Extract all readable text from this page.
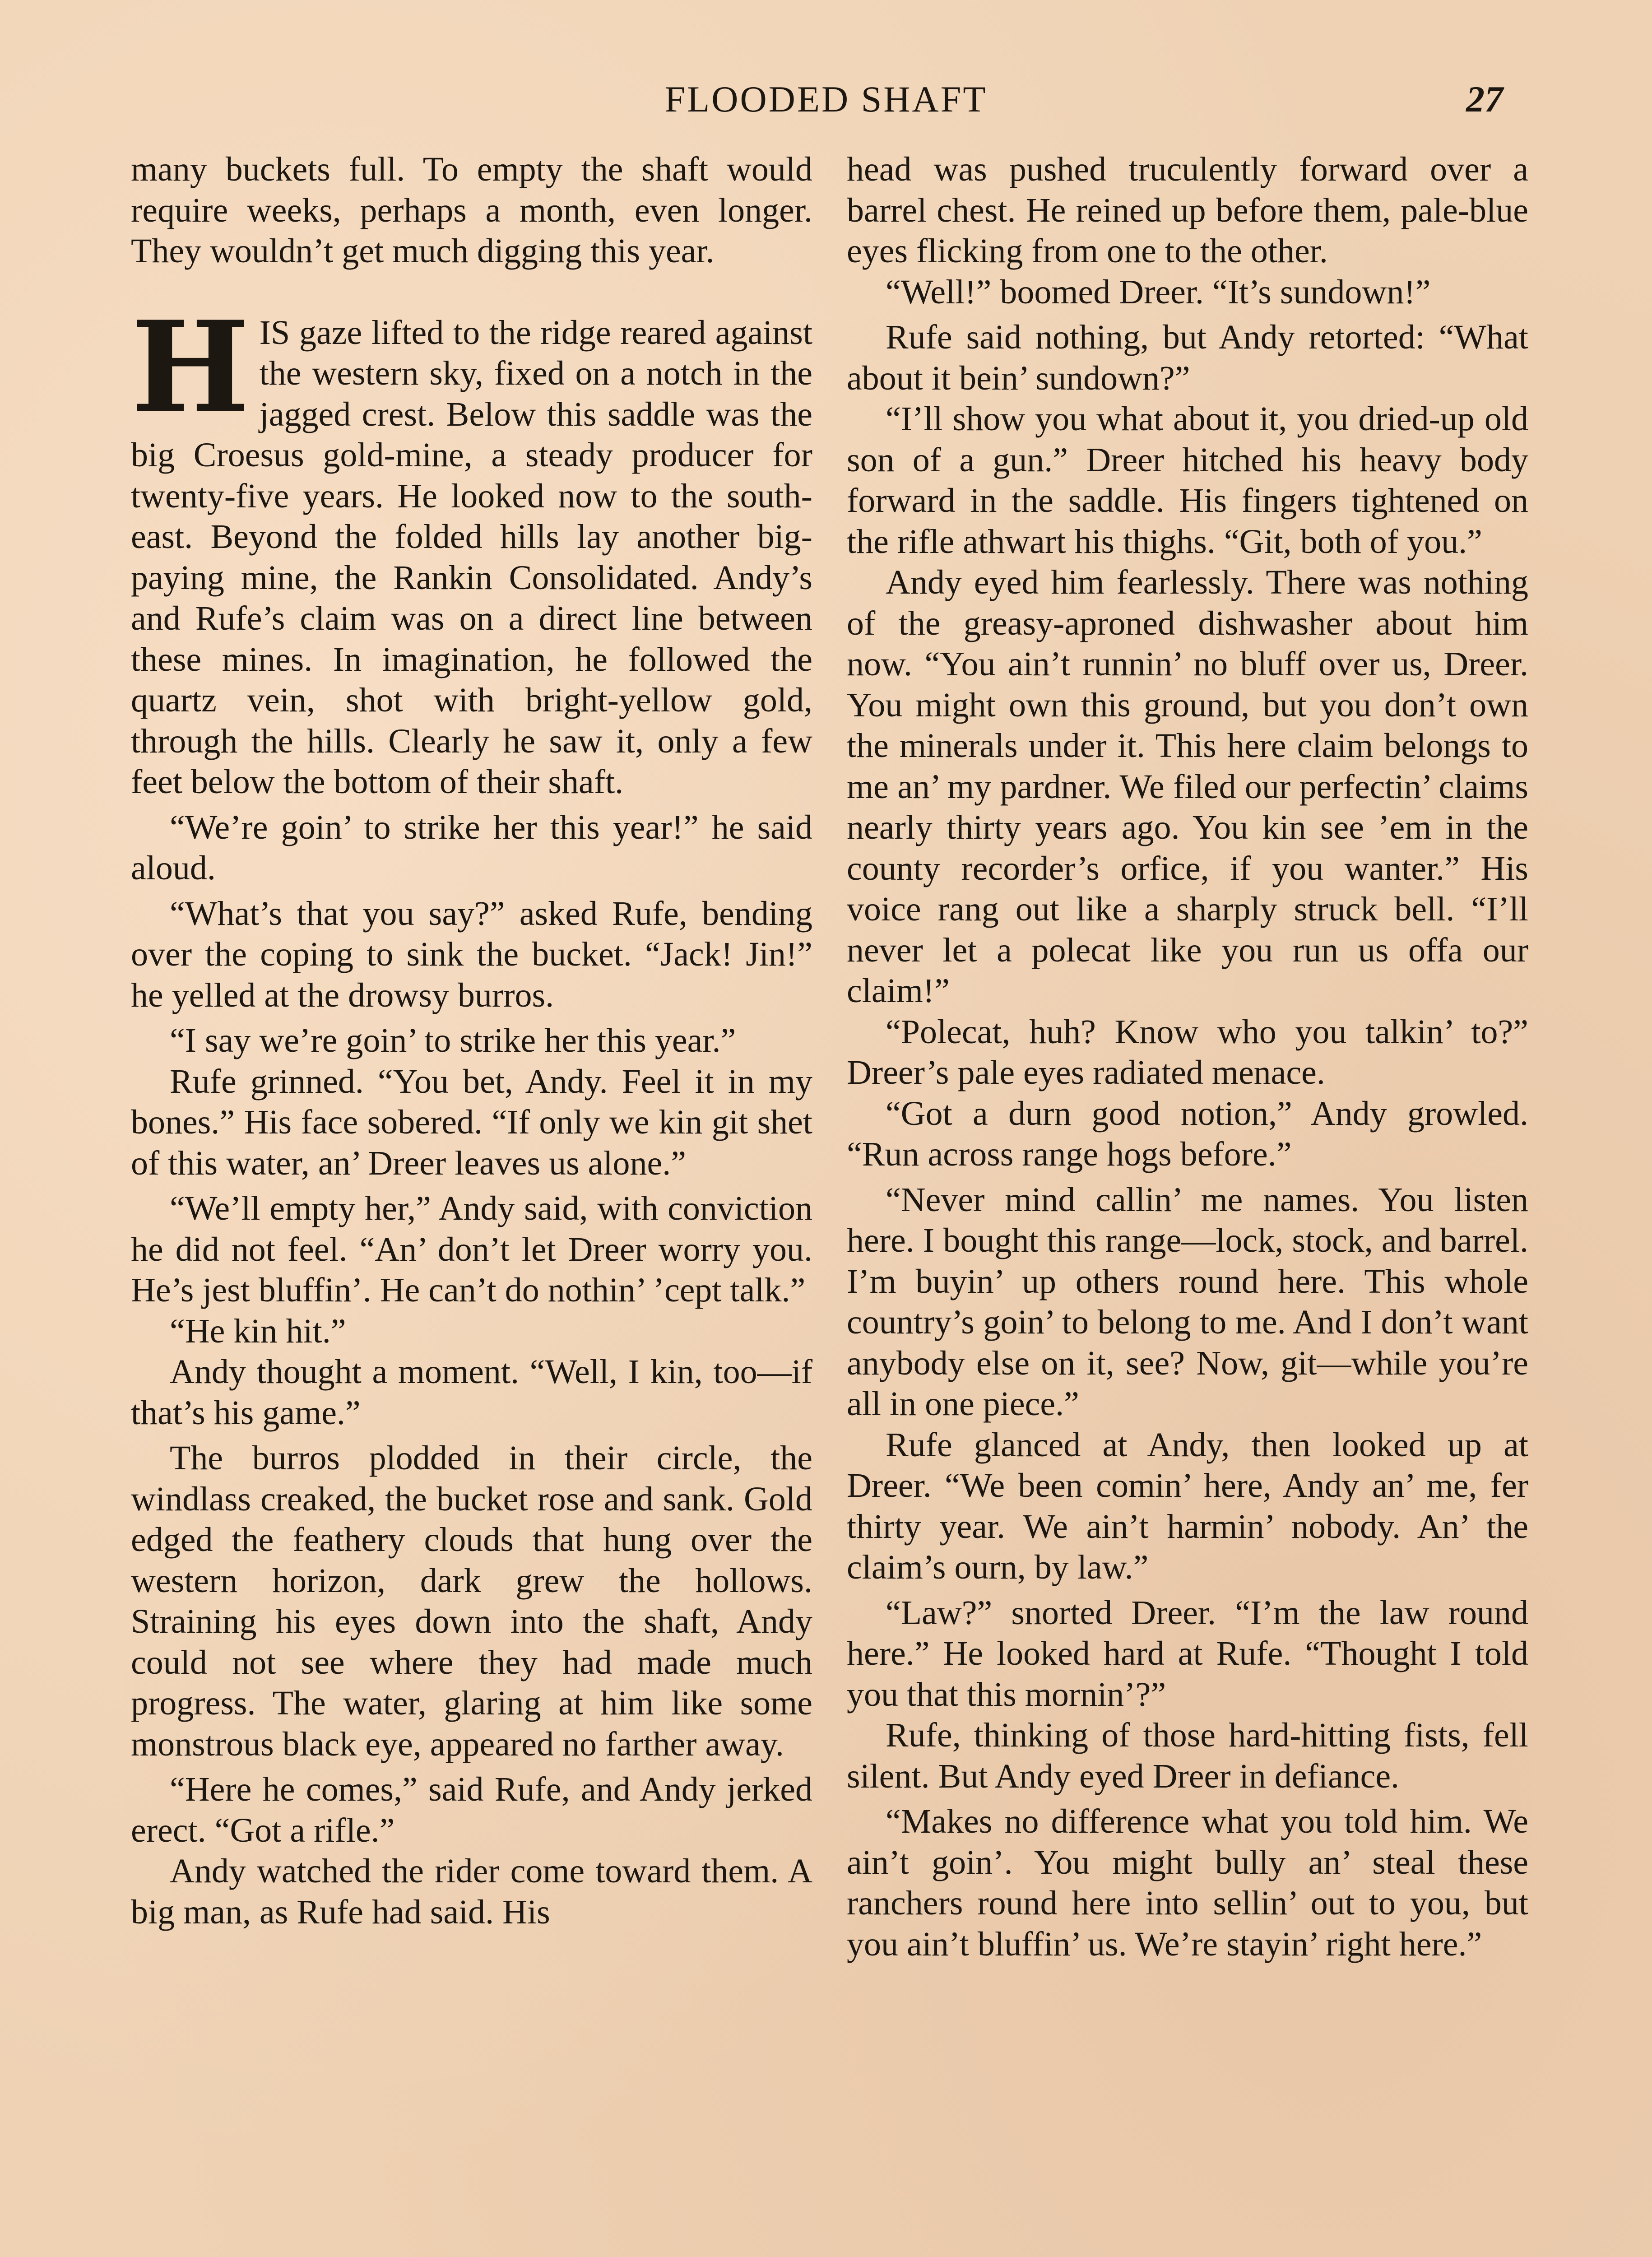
FLOODED SHAFT	27

many buckets full. To empty the shaft would require weeks, perhaps a month, even longer. They wouldn’t get much digging this year.

HIS gaze lifted to the ridge reared against the western sky, fixed on a notch in the jagged crest. Below this saddle was the big Croesus gold-mine, a steady producer for twenty-five years. He looked now to the south-east. Beyond the folded hills lay another big-paying mine, the Rankin Consolidated. Andy’s and Rufe’s claim was on a direct line between these mines. In imagination, he followed the quartz vein, shot with bright-yellow gold, through the hills. Clearly he saw it, only a few feet below the bottom of their shaft.

“We’re goin’ to strike her this year!” he said aloud.

“What’s that you say?” asked Rufe, bending over the coping to sink the bucket. “Jack! Jin!” he yelled at the drowsy burros.

“I say we’re goin’ to strike her this year.”

Rufe grinned. “You bet, Andy. Feel it in my bones.” His face sobered. “If only we kin git shet of this water, an’ Dreer leaves us alone.”

“We’ll empty her,” Andy said, with conviction he did not feel. “An’ don’t let Dreer worry you. He’s jest bluffin’. He can’t do nothin’ ’cept talk.”

“He kin hit.”

Andy thought a moment. “Well, I kin, too—if that’s his game.”

The burros plodded in their circle, the windlass creaked, the bucket rose and sank. Gold edged the feathery clouds that hung over the western horizon, dark grew the hollows. Straining his eyes down into the shaft, Andy could not see where they had made much progress. The water, glaring at him like some monstrous black eye, appeared no farther away.

“Here he comes,” said Rufe, and Andy jerked erect. “Got a rifle.”

Andy watched the rider come toward them. A big man, as Rufe had said. His

head was pushed truculently forward over a barrel chest. He reined up before them, pale-blue eyes flicking from one to the other.

“Well!” boomed Dreer. “It’s sundown!”

Rufe said nothing, but Andy retorted: “What about it bein’ sundown?”

“I’ll show you what about it, you dried-up old son of a gun.” Dreer hitched his heavy body forward in the saddle. His fingers tightened on the rifle athwart his thighs. “Git, both of you.”

Andy eyed him fearlessly. There was nothing of the greasy-aproned dishwasher about him now. “You ain’t runnin’ no bluff over us, Dreer. You might own this ground, but you don’t own the minerals under it. This here claim belongs to me an’ my pardner. We filed our perfectin’ claims nearly thirty years ago. You kin see ’em in the county recorder’s orfice, if you wanter.” His voice rang out like a sharply struck bell. “I’ll never let a polecat like you run us offa our claim!”

“Polecat, huh? Know who you talkin’ to?” Dreer’s pale eyes radiated menace.

“Got a durn good notion,” Andy growled. “Run across range hogs before.”

“Never mind callin’ me names. You listen here. I bought this range—lock, stock, and barrel. I’m buyin’ up others round here. This whole country’s goin’ to belong to me. And I don’t want anybody else on it, see? Now, git—while you’re all in one piece.”

Rufe glanced at Andy, then looked up at Dreer. “We been comin’ here, Andy an’ me, fer thirty year. We ain’t harmin’ nobody. An’ the claim’s ourn, by law.”

“Law?” snorted Dreer. “I’m the law round here.” He looked hard at Rufe. “Thought I told you that this mornin’?”

Rufe, thinking of those hard-hitting fists, fell silent. But Andy eyed Dreer in defiance.

“Makes no difference what you told him. We ain’t goin’. You might bully an’ steal these ranchers round here into sellin’ out to you, but you ain’t bluffin’ us. We’re stayin’ right here.”
